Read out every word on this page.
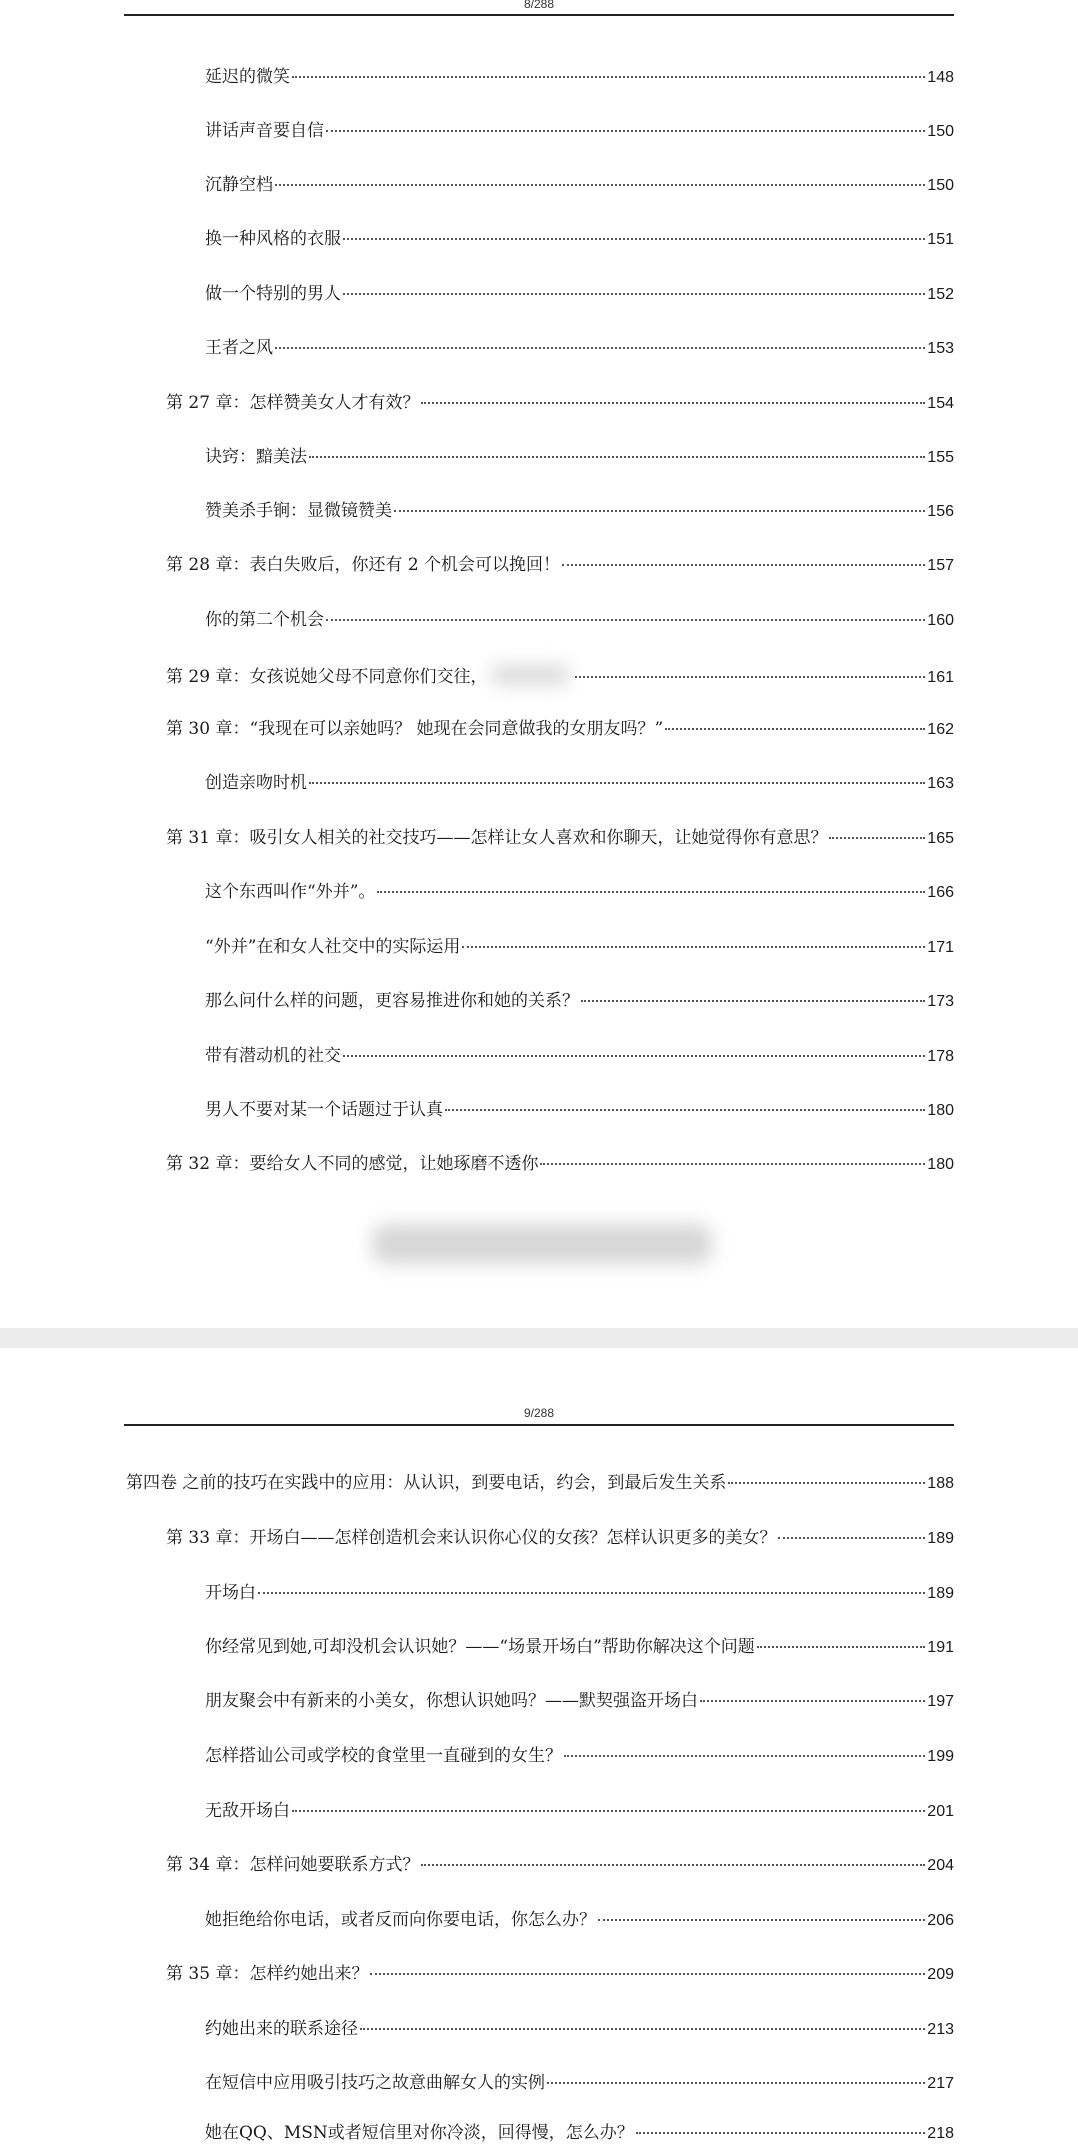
8/288
延迟的微笑	148
讲话声音要自信	150
沉静空档	150
换一种风格的衣服	151
做一个特别的男人	152
王者之风	153
第 27 章：怎样赞美女人才有效？	154
诀窍：黯美法	155
赞美杀手锏：显微镜赞美	156
第 28 章：表白失败后，你还有 2 个机会可以挽回！	157
你的第二个机会	160
第 29 章：女孩说她父母不同意你们交往，	161
第 30 章：“我现在可以亲她吗？ 她现在会同意做我的女朋友吗？”	162
创造亲吻时机	163
第 31 章：吸引女人相关的社交技巧——怎样让女人喜欢和你聊天，让她觉得你有意思？	165
这个东西叫作“外并”。	166
“外并”在和女人社交中的实际运用	171
那么问什么样的问题，更容易推进你和她的关系？	173
带有潜动机的社交	178
男人不要对某一个话题过于认真	180
第 32 章：要给女人不同的感觉，让她琢磨不透你	180
9/288
第四卷 之前的技巧在实践中的应用：从认识，到要电话，约会，到最后发生关系	188
第 33 章：开场白——怎样创造机会来认识你心仪的女孩？怎样认识更多的美女？	189
开场白	189
你经常见到她,可却没机会认识她？——“场景开场白”帮助你解决这个问题	191
朋友聚会中有新来的小美女，你想认识她吗？——默契强盗开场白	197
怎样搭讪公司或学校的食堂里一直碰到的女生？	199
无敌开场白	201
第 34 章：怎样问她要联系方式？	204
她拒绝给你电话，或者反而向你要电话，你怎么办？	206
第 35 章：怎样约她出来？	209
约她出来的联系途径	213
在短信中应用吸引技巧之故意曲解女人的实例	217
她在QQ、MSN或者短信里对你冷淡，回得慢，怎么办？	218
